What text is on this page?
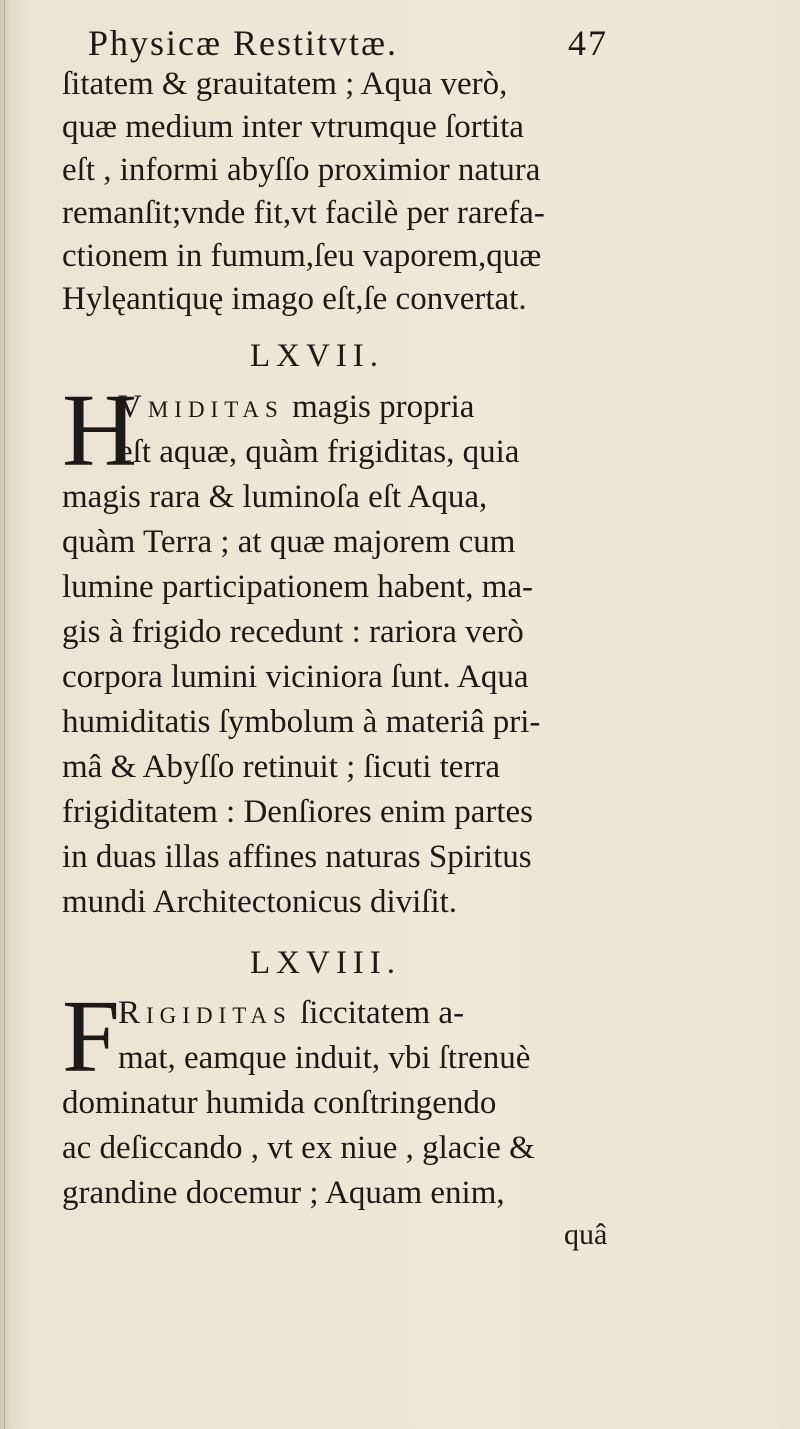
Physicæ Restitvtæ.	47
ſitatem & grauitatem ; Aqua verò,
quæ medium inter vtrumque ſortita
eſt , informi abyſſo proximior natura
remanſit;vnde fit,vt facilè per rarefa-
ctionem in fumum,ſeu vaporem,quæ
Hylęantiquę imago eſt,ſe convertat.
LXVII.
H
Vmiditas magis propria
eſt aquæ, quàm frigiditas, quia
magis rara & luminoſa eſt Aqua,
quàm Terra ; at quæ majorem cum
lumine participationem habent, ma-
gis à frigido recedunt : rariora verò
corpora lumini viciniora ſunt. Aqua
humiditatis ſymbolum à materiâ pri-
mâ & Abyſſo retinuit ; ſicuti terra
frigiditatem : Denſiores enim partes
in duas illas affines naturas Spiritus
mundi Architectonicus diviſit.
LXVIII.
F
Rigiditas ſiccitatem a-
mat, eamque induit, vbi ſtrenuè
dominatur humida conſtringendo
ac deſiccando , vt ex niue , glacie &
grandine docemur ; Aquam enim,
quâ
